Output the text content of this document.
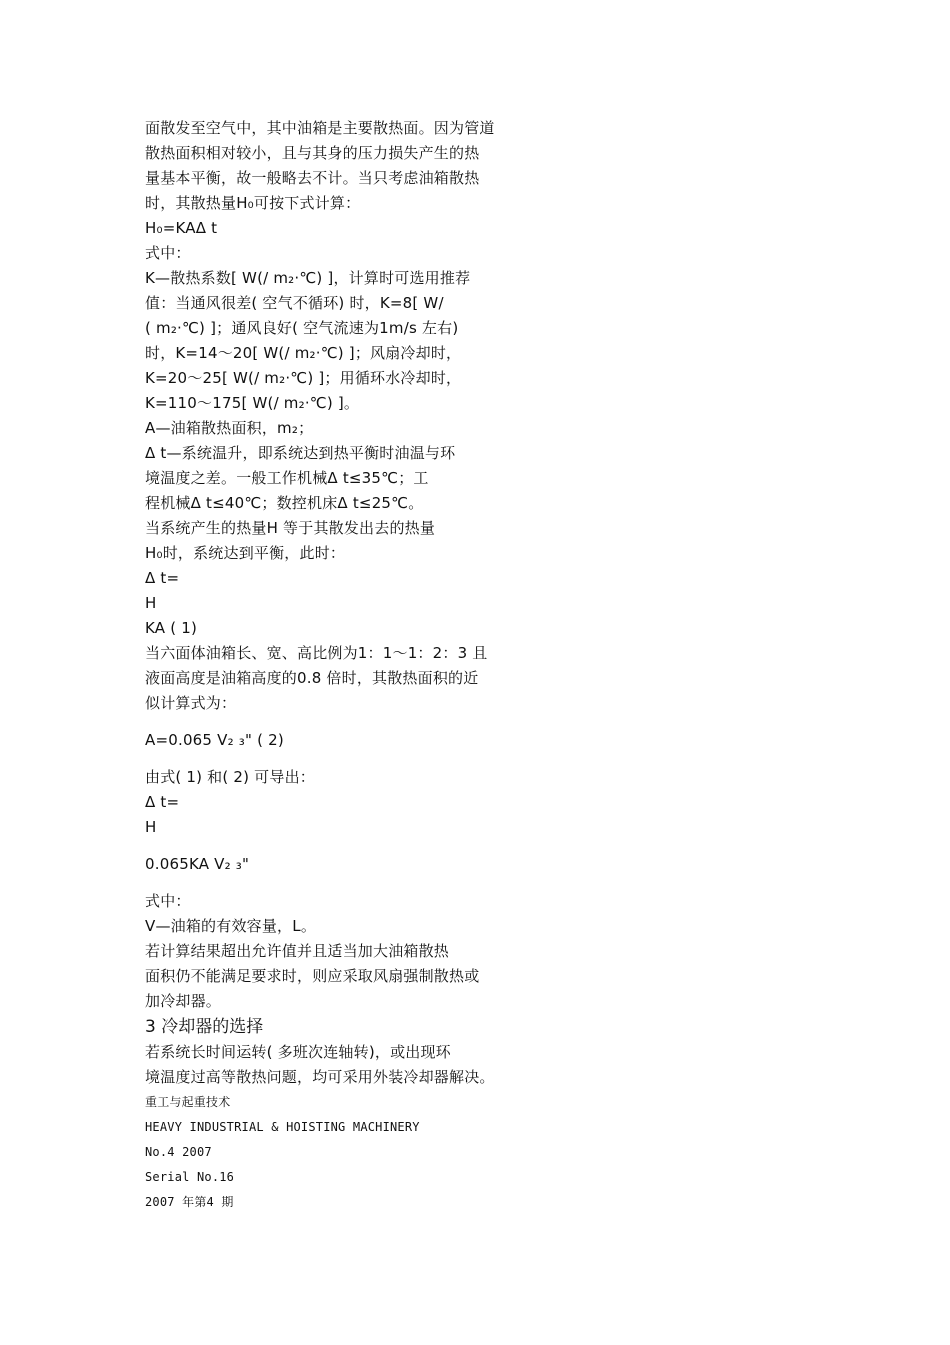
面散发至空气中，其中油箱是主要散热面。因为管道
散热面积相对较小，且与其身的压力损失产生的热
量基本平衡，故一般略去不计。当只考虑油箱散热
时，其散热量H₀可按下式计算：
H₀=KAΔ t
式中：
K—散热系数[ W(/ m₂·℃) ]，计算时可选用推荐
值：当通风很差( 空气不循环) 时，K=8[ W/
( m₂·℃) ]；通风良好( 空气流速为1m/s 左右)
时，K=14～20[ W(/ m₂·℃) ]；风扇冷却时，
K=20～25[ W(/ m₂·℃) ]；用循环水冷却时，
K=110～175[ W(/ m₂·℃) ]。
A—油箱散热面积，m₂；
Δ t—系统温升，即系统达到热平衡时油温与环
境温度之差。一般工作机械Δ t≤35℃；工
程机械Δ t≤40℃；数控机床Δ t≤25℃。
当系统产生的热量H 等于其散发出去的热量
H₀时，系统达到平衡，此时：
Δ t=
H
KA ( 1)
当六面体油箱长、宽、高比例为1：1～1：2：3 且
液面高度是油箱高度的0.8 倍时，其散热面积的近
似计算式为：
A=0.065 V₂ ₃" ( 2)
由式( 1) 和( 2) 可导出：
Δ t=
H
0.065KA V₂ ₃"
式中：
V—油箱的有效容量，L。
若计算结果超出允许值并且适当加大油箱散热
面积仍不能满足要求时，则应采取风扇强制散热或
加冷却器。
3 冷却器的选择
若系统长时间运转( 多班次连轴转)，或出现环
境温度过高等散热问题，均可采用外装冷却器解决。
重工与起重技术
HEAVY INDUSTRIAL & HOISTING MACHINERY
No.4 2007
Serial No.16
2007 年第4 期
